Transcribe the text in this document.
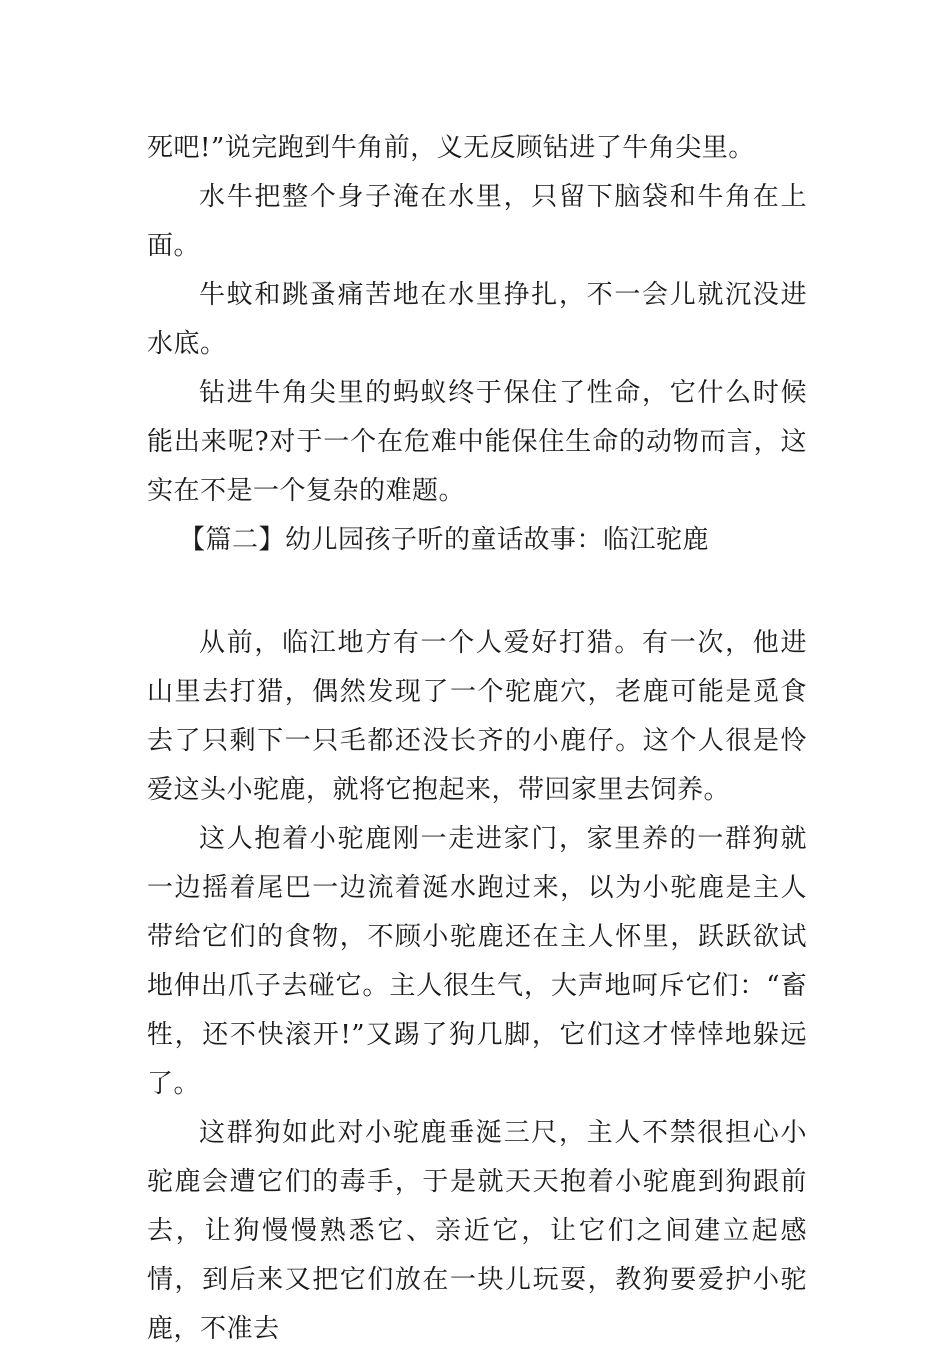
死吧!”说完跑到牛角前，义无反顾钻进了牛角尖里。

水牛把整个身子淹在水里，只留下脑袋和牛角在上面。

牛蚊和跳蚤痛苦地在水里挣扎，不一会儿就沉没进水底。

钻进牛角尖里的蚂蚁终于保住了性命，它什么时候能出来呢?对于一个在危难中能保住生命的动物而言，这实在不是一个复杂的难题。

【篇二】幼儿园孩子听的童话故事：临江驼鹿

从前，临江地方有一个人爱好打猎。有一次，他进山里去打猎，偶然发现了一个驼鹿穴，老鹿可能是觅食去了只剩下一只毛都还没长齐的小鹿仔。这个人很是怜爱这头小驼鹿，就将它抱起来，带回家里去饲养。

这人抱着小驼鹿刚一走进家门，家里养的一群狗就一边摇着尾巴一边流着涎水跑过来，以为小驼鹿是主人带给它们的食物，不顾小驼鹿还在主人怀里，跃跃欲试地伸出爪子去碰它。主人很生气，大声地呵斥它们：“畜牲，还不快滚开!”又踢了狗几脚，它们这才悻悻地躲远了。

这群狗如此对小驼鹿垂涎三尺，主人不禁很担心小驼鹿会遭它们的毒手，于是就天天抱着小驼鹿到狗跟前去，让狗慢慢熟悉它、亲近它，让它们之间建立起感情，到后来又把它们放在一块儿玩耍，教狗要爱护小驼鹿，不准去
